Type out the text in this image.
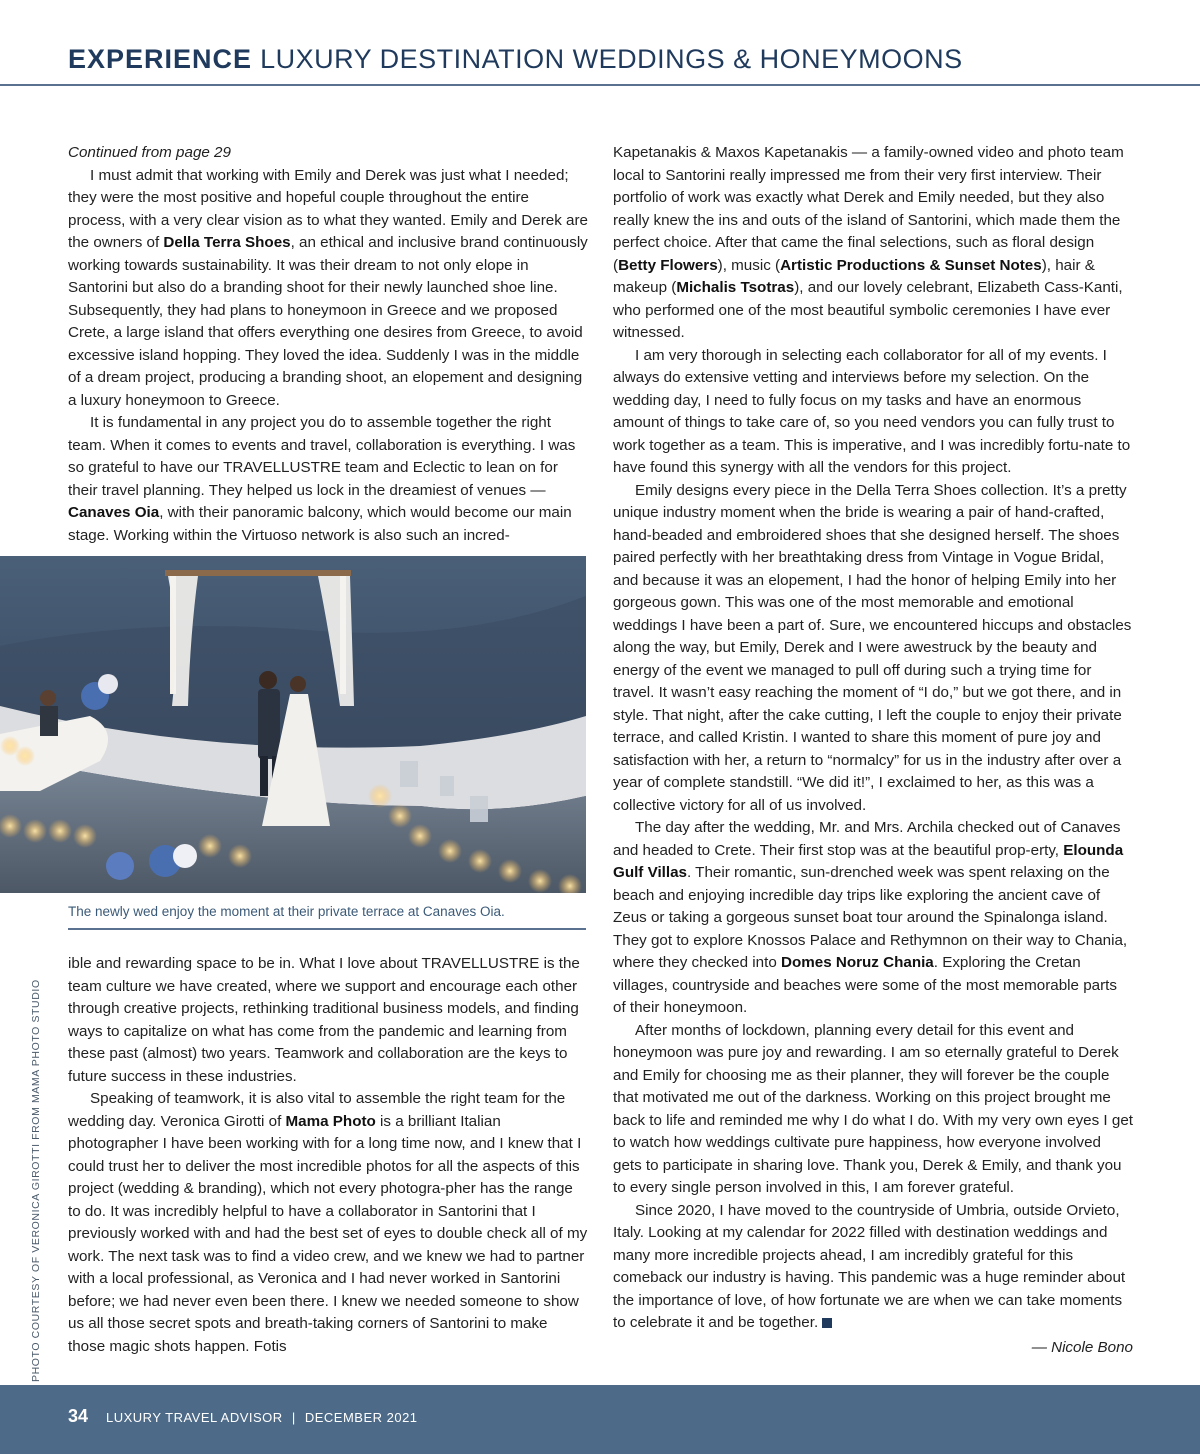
EXPERIENCE LUXURY DESTINATION WEDDINGS & HONEYMOONS

Continued from page 29

I must admit that working with Emily and Derek was just what I needed; they were the most positive and hopeful couple throughout the entire process, with a very clear vision as to what they wanted. Emily and Derek are the owners of Della Terra Shoes, an ethical and inclusive brand continuously working towards sustainability. It was their dream to not only elope in Santorini but also do a branding shoot for their newly launched shoe line. Subsequently, they had plans to honeymoon in Greece and we proposed Crete, a large island that offers everything one desires from Greece, to avoid excessive island hopping. They loved the idea. Suddenly I was in the middle of a dream project, producing a branding shoot, an elopement and designing a luxury honeymoon to Greece.

It is fundamental in any project you do to assemble together the right team. When it comes to events and travel, collaboration is everything. I was so grateful to have our TRAVELLUSTRE team and Eclectic to lean on for their travel planning. They helped us lock in the dreamiest of venues — Canaves Oia, with their panoramic balcony, which would become our main stage. Working within the Virtuoso network is also such an incred-

The newly wed enjoy the moment at their private terrace at Canaves Oia.

ible and rewarding space to be in. What I love about TRAVELLUSTRE is the team culture we have created, where we support and encourage each other through creative projects, rethinking traditional business models, and finding ways to capitalize on what has come from the pandemic and learning from these past (almost) two years. Teamwork and collaboration are the keys to future success in these industries.

Speaking of teamwork, it is also vital to assemble the right team for the wedding day. Veronica Girotti of Mama Photo is a brilliant Italian photographer I have been working with for a long time now, and I knew that I could trust her to deliver the most incredible photos for all the aspects of this project (wedding & branding), which not every photogra-pher has the range to do. It was incredibly helpful to have a collaborator in Santorini that I previously worked with and had the best set of eyes to double check all of my work. The next task was to find a video crew, and we knew we had to partner with a local professional, as Veronica and I had never worked in Santorini before; we had never even been there. I knew we needed someone to show us all those secret spots and breath-taking corners of Santorini to make those magic shots happen. Fotis

Kapetanakis & Maxos Kapetanakis — a family-owned video and photo team local to Santorini really impressed me from their very first interview. Their portfolio of work was exactly what Derek and Emily needed, but they also really knew the ins and outs of the island of Santorini, which made them the perfect choice. After that came the final selections, such as floral design (Betty Flowers), music (Artistic Productions & Sunset Notes), hair & makeup (Michalis Tsotras), and our lovely celebrant, Elizabeth Cass-Kanti, who performed one of the most beautiful symbolic ceremonies I have ever witnessed.

I am very thorough in selecting each collaborator for all of my events. I always do extensive vetting and interviews before my selection. On the wedding day, I need to fully focus on my tasks and have an enormous amount of things to take care of, so you need vendors you can fully trust to work together as a team. This is imperative, and I was incredibly fortu-nate to have found this synergy with all the vendors for this project.

Emily designs every piece in the Della Terra Shoes collection. It’s a pretty unique industry moment when the bride is wearing a pair of hand-crafted, hand-beaded and embroidered shoes that she designed herself. The shoes paired perfectly with her breathtaking dress from Vintage in Vogue Bridal, and because it was an elopement, I had the honor of helping Emily into her gorgeous gown. This was one of the most memorable and emotional weddings I have been a part of. Sure, we encountered hiccups and obstacles along the way, but Emily, Derek and I were awestruck by the beauty and energy of the event we managed to pull off during such a trying time for travel. It wasn’t easy reaching the moment of “I do,” but we got there, and in style. That night, after the cake cutting, I left the couple to enjoy their private terrace, and called Kristin. I wanted to share this moment of pure joy and satisfaction with her, a return to “normalcy” for us in the industry after over a year of complete standstill. “We did it!”, I exclaimed to her, as this was a collective victory for all of us involved.

The day after the wedding, Mr. and Mrs. Archila checked out of Canaves and headed to Crete. Their first stop was at the beautiful prop-erty, Elounda Gulf Villas. Their romantic, sun-drenched week was spent relaxing on the beach and enjoying incredible day trips like exploring the ancient cave of Zeus or taking a gorgeous sunset boat tour around the Spinalonga island. They got to explore Knossos Palace and Rethymnon on their way to Chania, where they checked into Domes Noruz Chania. Exploring the Cretan villages, countryside and beaches were some of the most memorable parts of their honeymoon.

After months of lockdown, planning every detail for this event and honeymoon was pure joy and rewarding. I am so eternally grateful to Derek and Emily for choosing me as their planner, they will forever be the couple that motivated me out of the darkness. Working on this project brought me back to life and reminded me why I do what I do. With my very own eyes I get to watch how weddings cultivate pure happiness, how everyone involved gets to participate in sharing love. Thank you, Derek & Emily, and thank you to every single person involved in this, I am forever grateful.

Since 2020, I have moved to the countryside of Umbria, outside Orvieto, Italy. Looking at my calendar for 2022 filled with destination weddings and many more incredible projects ahead, I am incredibly grateful for this comeback our industry is having. This pandemic was a huge reminder about the importance of love, of how fortunate we are when we can take moments to celebrate it and be together.

— Nicole Bono

PHOTO COURTESY OF VERONICA GIROTTI FROM MAMA PHOTO STUDIO
34 LUXURY TRAVEL ADVISOR | DECEMBER 2021
